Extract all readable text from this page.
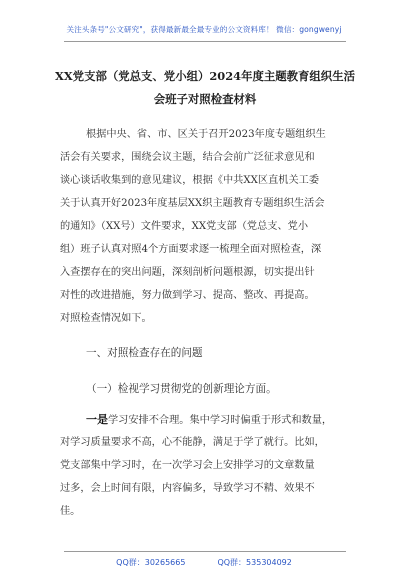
关注头条号"公文研究"，获得最新最全最专业的公文资料库！ 微信：gongwenyj
XX党支部（党总支、党小组）2024年度主题教育组织生活
会班子对照检查材料
根据中央、省、市、区关于召开2023年度专题组织生
活会有关要求，围绕会议主题，结合会前广泛征求意见和
谈心谈话收集到的意见建议，根据《中共XX区直机关工委
关于认真开好2023年度基层XX织主题教育专题组织生活会
的通知》（XX号）文件要求，XX党支部（党总支、党小
组）班子认真对照4个方面要求逐一梳理全面对照检查，深
入查摆存在的突出问题，深刻剖析问题根源，切实提出针
对性的改进措施，努力做到学习、提高、整改、再提高。
对照检查情况如下。
一、对照检查存在的问题
（一）检视学习贯彻党的创新理论方面。
一是学习安排不合理。集中学习时偏重于形式和数量，
对学习质量要求不高，心不能静，满足于学了就行。比如，
党支部集中学习时，在一次学习会上安排学习的文章数量
过多，会上时间有限，内容偏多，导致学习不精、效果不
佳。
QQ群：30265665	QQ群：535304092
